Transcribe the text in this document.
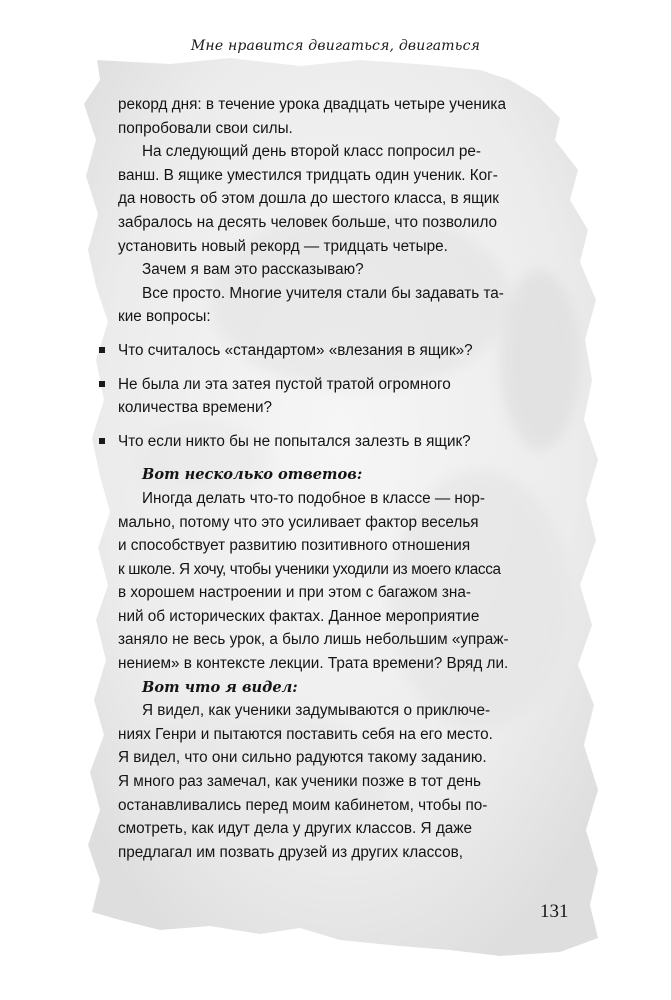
Мне нравится двигаться, двигаться
рекорд дня: в течение урока двадцать четыре ученика
попробовали свои силы.
На следующий день второй класс попросил ре-
ванш. В ящике уместился тридцать один ученик. Ког-
да новость об этом дошла до шестого класса, в ящик
забралось на десять человек больше, что позволило
установить новый рекорд — тридцать четыре.
Зачем я вам это рассказываю?
Все просто. Многие учителя стали бы задавать та-
кие вопросы:
Что считалось «стандартом» «влезания в ящик»?
Не была ли эта затея пустой тратой огромного
количества времени?
Что если никто бы не попытался залезть в ящик?
Вот несколько ответов:
Иногда делать что-то подобное в классе — нор-
мально, потому что это усиливает фактор веселья
и способствует развитию позитивного отношения
к школе. Я хочу, чтобы ученики уходили из моего класса
в хорошем настроении и при этом с багажом зна-
ний об исторических фактах. Данное мероприятие
заняло не весь урок, а было лишь небольшим «упраж-
нением» в контексте лекции. Трата времени? Вряд ли.
Вот что я видел:
Я видел, как ученики задумываются о приключе-
ниях Генри и пытаются поставить себя на его место.
Я видел, что они сильно радуются такому заданию.
Я много раз замечал, как ученики позже в тот день
останавливались перед моим кабинетом, чтобы по-
смотреть, как идут дела у других классов. Я даже
предлагал им позвать друзей из других классов,
131
